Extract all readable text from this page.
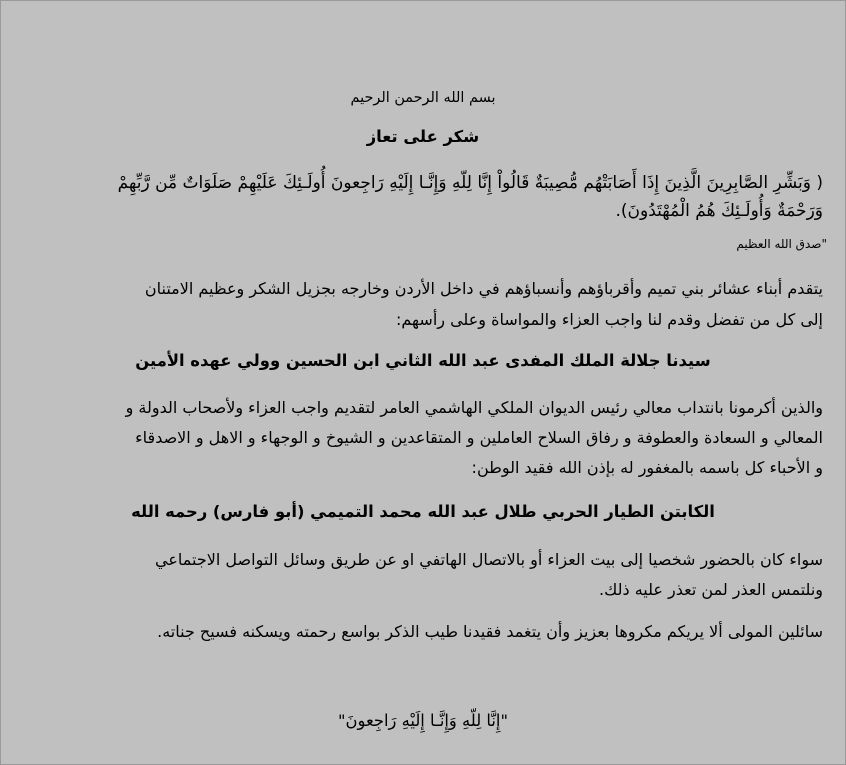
بسم الله الرحمن الرحيم
شكر على تعاز
( وَبَشِّرِ الصَّابِرِينَ الَّذِينَ إِذَا أَصَابَتْهُم مُّصِيبَةٌ قَالُواْ إِنَّا لِلّهِ وَإِنَّـا إِلَيْهِ رَاجِعونَ أُولَـئِكَ عَلَيْهِمْ صَلَوَاتٌ مِّن رَّبِّهِمْ
وَرَحْمَةٌ وَأُولَـئِكَ هُمُ الْمُهْتَدُونَ).
"صدق الله العظيم
يتقدم أبناء عشائر بني تميم وأقرباؤهم وأنسباؤهم في داخل الأردن وخارجه بجزيل الشكر وعظيم الامتنان
إلى كل من تفضل وقدم لنا واجب العزاء والمواساة وعلى رأسهم:
سيدنا جلالة الملك المفدى عبد الله الثاني ابن الحسين وولي عهده الأمين
والذين أكرمونا بانتداب معالي رئيس الديوان الملكي الهاشمي العامر لتقديم واجب العزاء ولأصحاب الدولة و
المعالي و السعادة والعطوفة و رفاق السلاح العاملين و المتقاعدين و الشيوخ و الوجهاء و الاهل و الاصدقاء
و الأحباء كل باسمه بالمغفور له بإذن الله فقيد الوطن:
الكابتن الطيار الحربي طلال عبد الله محمد التميمي (أبو فارس) رحمه الله
سواء كان بالحضور شخصيا إلى بيت العزاء أو بالاتصال الهاتفي او عن طريق وسائل التواصل الاجتماعي
ونلتمس العذر لمن تعذر عليه ذلك.
سائلين المولى ألا يريكم مكروها بعزيز وأن يتغمد فقيدنا طيب الذكر بواسع رحمته ويسكنه فسيح جناته.
"إِنَّا لِلّهِ وَإِنَّـا إِلَيْهِ رَاجِعونَ"
